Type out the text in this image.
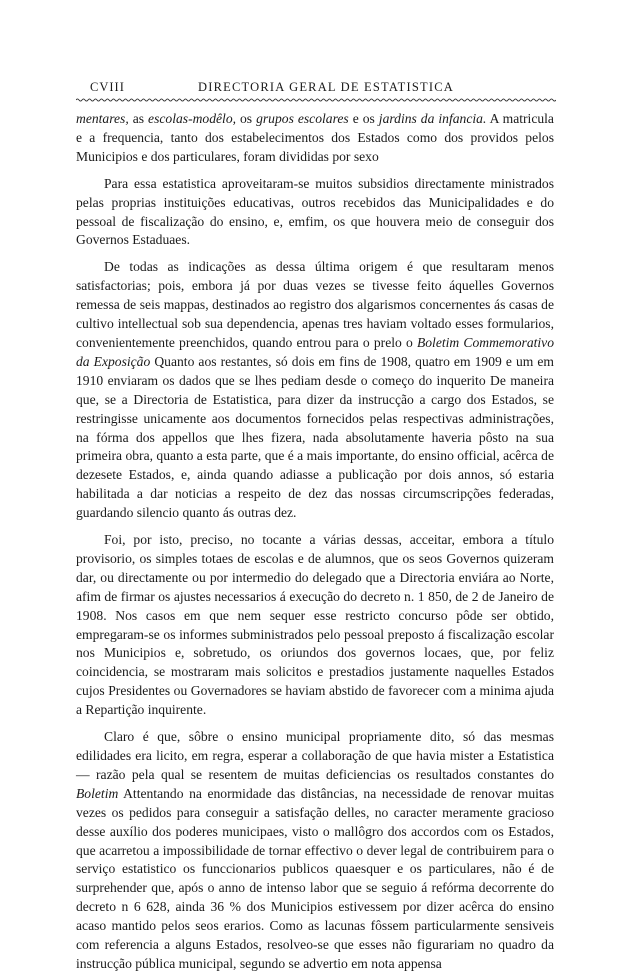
CVIII	DIRECTORIA GERAL DE ESTATISTICA

mentares, as escolas-modêlo, os grupos escolares e os jardins da infancia. A matricula e a frequencia, tanto dos estabelecimentos dos Estados como dos providos pelos Municipios e dos particulares, foram divididas por sexo

Para essa estatistica aproveitaram-se muitos subsidios directamente ministrados pelas proprias instituições educativas, outros recebidos das Municipalidades e do pessoal de fiscalização do ensino, e, emfim, os que houvera meio de conseguir dos Governos Estaduaes.

De todas as indicações as dessa última origem é que resultaram menos satisfactorias; pois, embora já por duas vezes se tivesse feito áquelles Governos remessa de seis mappas, destinados ao registro dos algarismos concernentes ás casas de cultivo intellectual sob sua dependencia, apenas tres haviam voltado esses formularios, convenientemente preenchidos, quando entrou para o prelo o Boletim Commemorativo da Exposição Quanto aos restantes, só dois em fins de 1908, quatro em 1909 e um em 1910 enviaram os dados que se lhes pediam desde o começo do inquerito De maneira que, se a Directoria de Estatistica, para dizer da instrucção a cargo dos Estados, se restringisse unicamente aos documentos fornecidos pelas respectivas administrações, na fórma dos appellos que lhes fizera, nada absolutamente haveria pôsto na sua primeira obra, quanto a esta parte, que é a mais importante, do ensino official, acêrca de dezesete Estados, e, ainda quando adiasse a publicação por dois annos, só estaria habilitada a dar noticias a respeito de dez das nossas circumscripções federadas, guardando silencio quanto ás outras dez.

Foi, por isto, preciso, no tocante a várias dessas, acceitar, embora a título provisorio, os simples totaes de escolas e de alumnos, que os seos Governos quizeram dar, ou directamente ou por intermedio do delegado que a Directoria enviára ao Norte, afim de firmar os ajustes necessarios á execução do decreto n. 1 850, de 2 de Janeiro de 1908. Nos casos em que nem sequer esse restricto concurso pôde ser obtido, empregaram-se os informes subministrados pelo pessoal preposto á fiscalização escolar nos Municipios e, sobretudo, os oriundos dos governos locaes, que, por feliz coincidencia, se mostraram mais solicitos e prestadios justamente naquelles Estados cujos Presidentes ou Governadores se haviam abstido de favorecer com a minima ajuda a Repartição inquirente.

Claro é que, sôbre o ensino municipal propriamente dito, só das mesmas edilidades era licito, em regra, esperar a collaboração de que havia mister a Estatistica — razão pela qual se resentem de muitas deficiencias os resultados constantes do Boletim Attentando na enormidade das distâncias, na necessidade de renovar muitas vezes os pedidos para conseguir a satisfação delles, no caracter meramente gracioso desse auxílio dos poderes municipaes, visto o mallôgro dos accordos com os Estados, que acarretou a impossibilidade de tornar effectivo o dever legal de contribuirem para o serviço estatistico os funccionarios publicos quaesquer e os particulares, não é de surprehender que, após o anno de intenso labor que se seguio á refórma decorrente do decreto n 6 628, ainda 36 % dos Municipios estivessem por dizer acêrca do ensino acaso mantido pelos seos erarios. Como as lacunas fôssem particularmente sensiveis com referencia a alguns Estados, resolveo-se que esses não figurariam no quadro da instrucção pública municipal, segundo se advertio em nota appensa
